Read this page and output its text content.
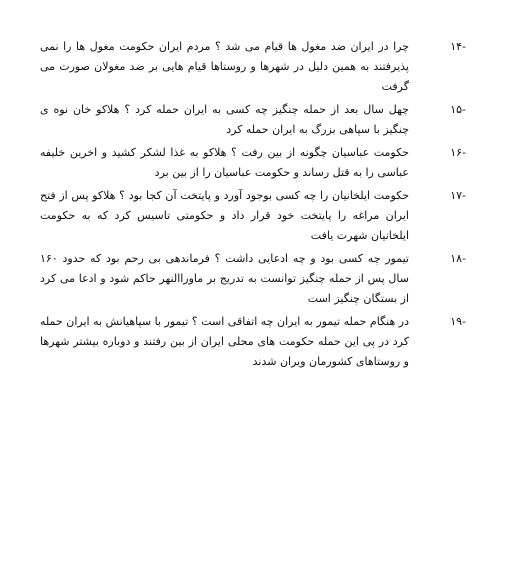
-۱۴
چرا در ایران ضد مغول ها قیام می شد ؟ مردم ایران حکومت مغول ها را نمی پذیرفتند به همین دلیل در شهرها و روستاها قیام هایی بر ضد مغولان صورت می گرفت
-۱۵
چهل سال بعد از حمله چنگیز چه کسی به ایران حمله کرد ؟ هلاکو خان نوه ی چنگیز با سپاهی بزرگ به ایران حمله کرد
-۱۶
حکومت عباسیان چگونه از بین رفت ؟ هلاکو به غذا لشکر کشید و اخرین خلیفه عباسی را به قتل رساند و حکومت عباسیان را از بین برد
-۱۷
حکومت ایلخانیان را چه کسی بوجود آورد و پایتخت آن کجا بود ؟ هلاکو پس از فتح ایران مراغه را پایتخت خود قرار داد و حکومتی تاسیس کرد که به حکومت ایلخانیان شهرت یافت
-۱۸
تیمور چه کسی بود و چه ادعایی داشت ؟ فرماندهی بی رحم بود که حدود ۱۶۰ سال پس از حمله چنگیز توانست به تدریج بر ماوراالنهر حاکم شود و ادعا می کرد از بستگان چنگیز است
-۱۹
در هنگام حمله تیمور به ایران چه اتفاقی است ؟ تیمور با سپاهیانش به ایران حمله کرد در پی این حمله حکومت های محلی ایران از بین رفتند و دوباره بیشتر شهرها و روستاهای کشورمان ویران شدند
